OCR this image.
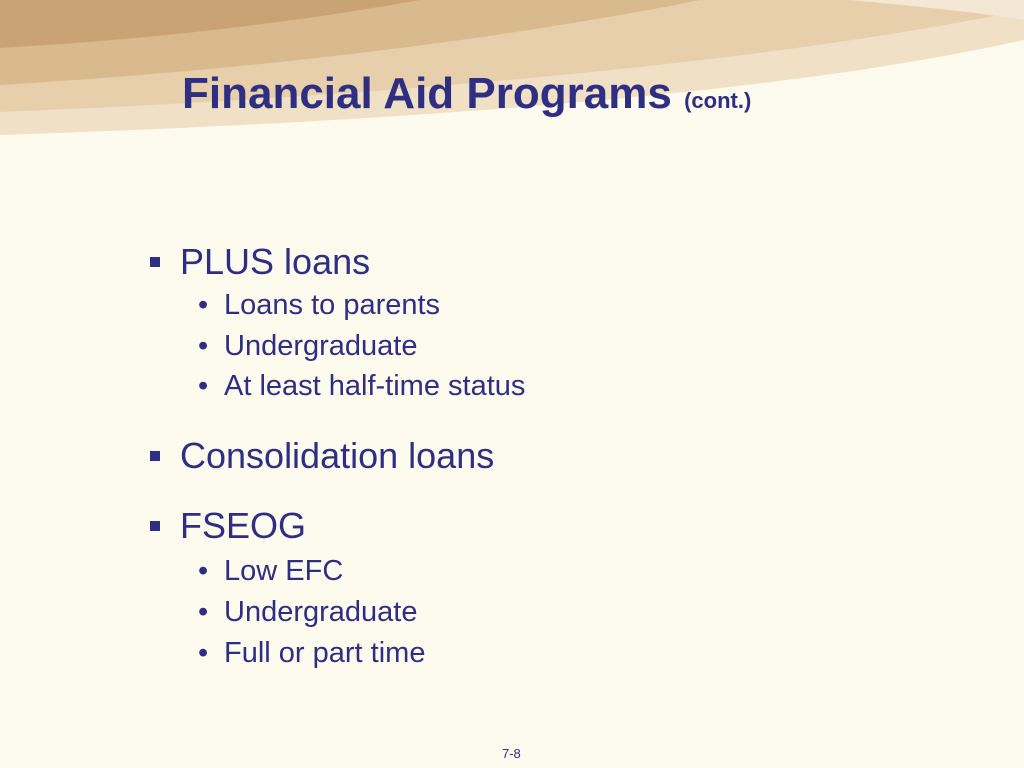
Financial Aid Programs (cont.)
PLUS loans
• Loans to parents
• Undergraduate
• At least half-time status
Consolidation loans
FSEOG
• Low EFC
• Undergraduate
• Full or part time
7-8
